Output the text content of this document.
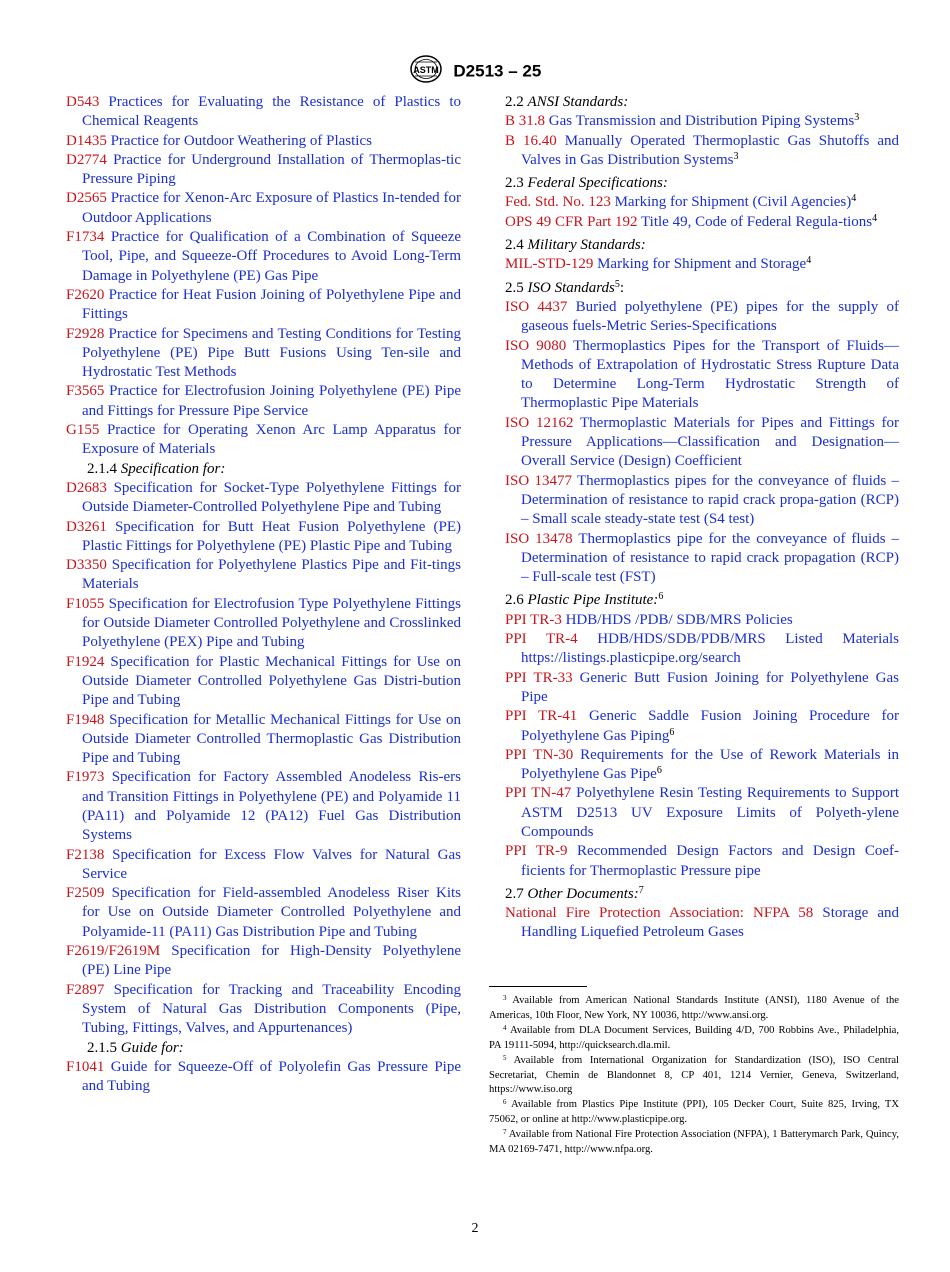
ASTM D2513 – 25

D543 Practices for Evaluating the Resistance of Plastics to Chemical Reagents

D1435 Practice for Outdoor Weathering of Plastics

D2774 Practice for Underground Installation of Thermoplas-tic Pressure Piping

D2565 Practice for Xenon-Arc Exposure of Plastics In-tended for Outdoor Applications

F1734 Practice for Qualification of a Combination of Squeeze Tool, Pipe, and Squeeze-Off Procedures to Avoid Long-Term Damage in Polyethylene (PE) Gas Pipe

F2620 Practice for Heat Fusion Joining of Polyethylene Pipe and Fittings

F2928 Practice for Specimens and Testing Conditions for Testing Polyethylene (PE) Pipe Butt Fusions Using Ten-sile and Hydrostatic Test Methods

F3565 Practice for Electrofusion Joining Polyethylene (PE) Pipe and Fittings for Pressure Pipe Service

G155 Practice for Operating Xenon Arc Lamp Apparatus for Exposure of Materials

2.1.4 Specification for:

D2683 Specification for Socket-Type Polyethylene Fittings for Outside Diameter-Controlled Polyethylene Pipe and Tubing

D3261 Specification for Butt Heat Fusion Polyethylene (PE) Plastic Fittings for Polyethylene (PE) Plastic Pipe and Tubing

D3350 Specification for Polyethylene Plastics Pipe and Fit-tings Materials

F1055 Specification for Electrofusion Type Polyethylene Fittings for Outside Diameter Controlled Polyethylene and Crosslinked Polyethylene (PEX) Pipe and Tubing

F1924 Specification for Plastic Mechanical Fittings for Use on Outside Diameter Controlled Polyethylene Gas Distri-bution Pipe and Tubing

F1948 Specification for Metallic Mechanical Fittings for Use on Outside Diameter Controlled Thermoplastic Gas Distribution Pipe and Tubing

F1973 Specification for Factory Assembled Anodeless Ris-ers and Transition Fittings in Polyethylene (PE) and Polyamide 11 (PA11) and Polyamide 12 (PA12) Fuel Gas Distribution Systems

F2138 Specification for Excess Flow Valves for Natural Gas Service

F2509 Specification for Field-assembled Anodeless Riser Kits for Use on Outside Diameter Controlled Polyethylene and Polyamide-11 (PA11) Gas Distribution Pipe and Tubing

F2619/F2619M Specification for High-Density Polyethylene (PE) Line Pipe

F2897 Specification for Tracking and Traceability Encoding System of Natural Gas Distribution Components (Pipe, Tubing, Fittings, Valves, and Appurtenances)

2.1.5 Guide for:

F1041 Guide for Squeeze-Off of Polyolefin Gas Pressure Pipe and Tubing

2.2 ANSI Standards:

B 31.8 Gas Transmission and Distribution Piping Systems$^3$

B 16.40 Manually Operated Thermoplastic Gas Shutoffs and Valves in Gas Distribution Systems$^3$

2.3 Federal Specifications:

Fed. Std. No. 123 Marking for Shipment (Civil Agencies)$^4$

OPS 49 CFR Part 192 Title 49, Code of Federal Regula-tions$^4$

2.4 Military Standards:

MIL-STD-129 Marking for Shipment and Storage$^4$

2.5 ISO Standards$^5$:

ISO 4437 Buried polyethylene (PE) pipes for the supply of gaseous fuels-Metric Series-Specifications

ISO 9080 Thermoplastics Pipes for the Transport of Fluids—Methods of Extrapolation of Hydrostatic Stress Rupture Data to Determine Long-Term Hydrostatic Strength of Thermoplastic Pipe Materials

ISO 12162 Thermoplastic Materials for Pipes and Fittings for Pressure Applications—Classification and Designation—Overall Service (Design) Coefficient

ISO 13477 Thermoplastics pipes for the conveyance of fluids – Determination of resistance to rapid crack propa-gation (RCP) – Small scale steady-state test (S4 test)

ISO 13478 Thermoplastics pipe for the conveyance of fluids – Determination of resistance to rapid crack propagation (RCP) – Full-scale test (FST)

2.6 Plastic Pipe Institute:$^6$

PPI TR-3 HDB/HDS /PDB/ SDB/MRS Policies

PPI TR-4 HDB/HDS/SDB/PDB/MRS Listed Materials https://listings.plasticpipe.org/search

PPI TR-33 Generic Butt Fusion Joining for Polyethylene Gas Pipe

PPI TR-41 Generic Saddle Fusion Joining Procedure for Polyethylene Gas Piping$^6$

PPI TN-30 Requirements for the Use of Rework Materials in Polyethylene Gas Pipe$^6$

PPI TN-47 Polyethylene Resin Testing Requirements to Support ASTM D2513 UV Exposure Limits of Polyeth-ylene Compounds

PPI TR-9 Recommended Design Factors and Design Coef-ficients for Thermoplastic Pressure pipe

2.7 Other Documents:$^7$

National Fire Protection Association: NFPA 58 Storage and Handling Liquefied Petroleum Gases

$^3$ Available from American National Standards Institute (ANSI), 1180 Avenue of the Americas, 10th Floor, New York, NY 10036, http://www.ansi.org.

$^4$ Available from DLA Document Services, Building 4/D, 700 Robbins Ave., Philadelphia, PA 19111-5094, http://quicksearch.dla.mil.

$^5$ Available from International Organization for Standardization (ISO), ISO Central Secretariat, Chemin de Blandonnet 8, CP 401, 1214 Vernier, Geneva, Switzerland, https://www.iso.org

$^6$ Available from Plastics Pipe Institute (PPI), 105 Decker Court, Suite 825, Irving, TX 75062, or online at http://www.plasticpipe.org.

$^7$ Available from National Fire Protection Association (NFPA), 1 Batterymarch Park, Quincy, MA 02169-7471, http://www.nfpa.org.

2
